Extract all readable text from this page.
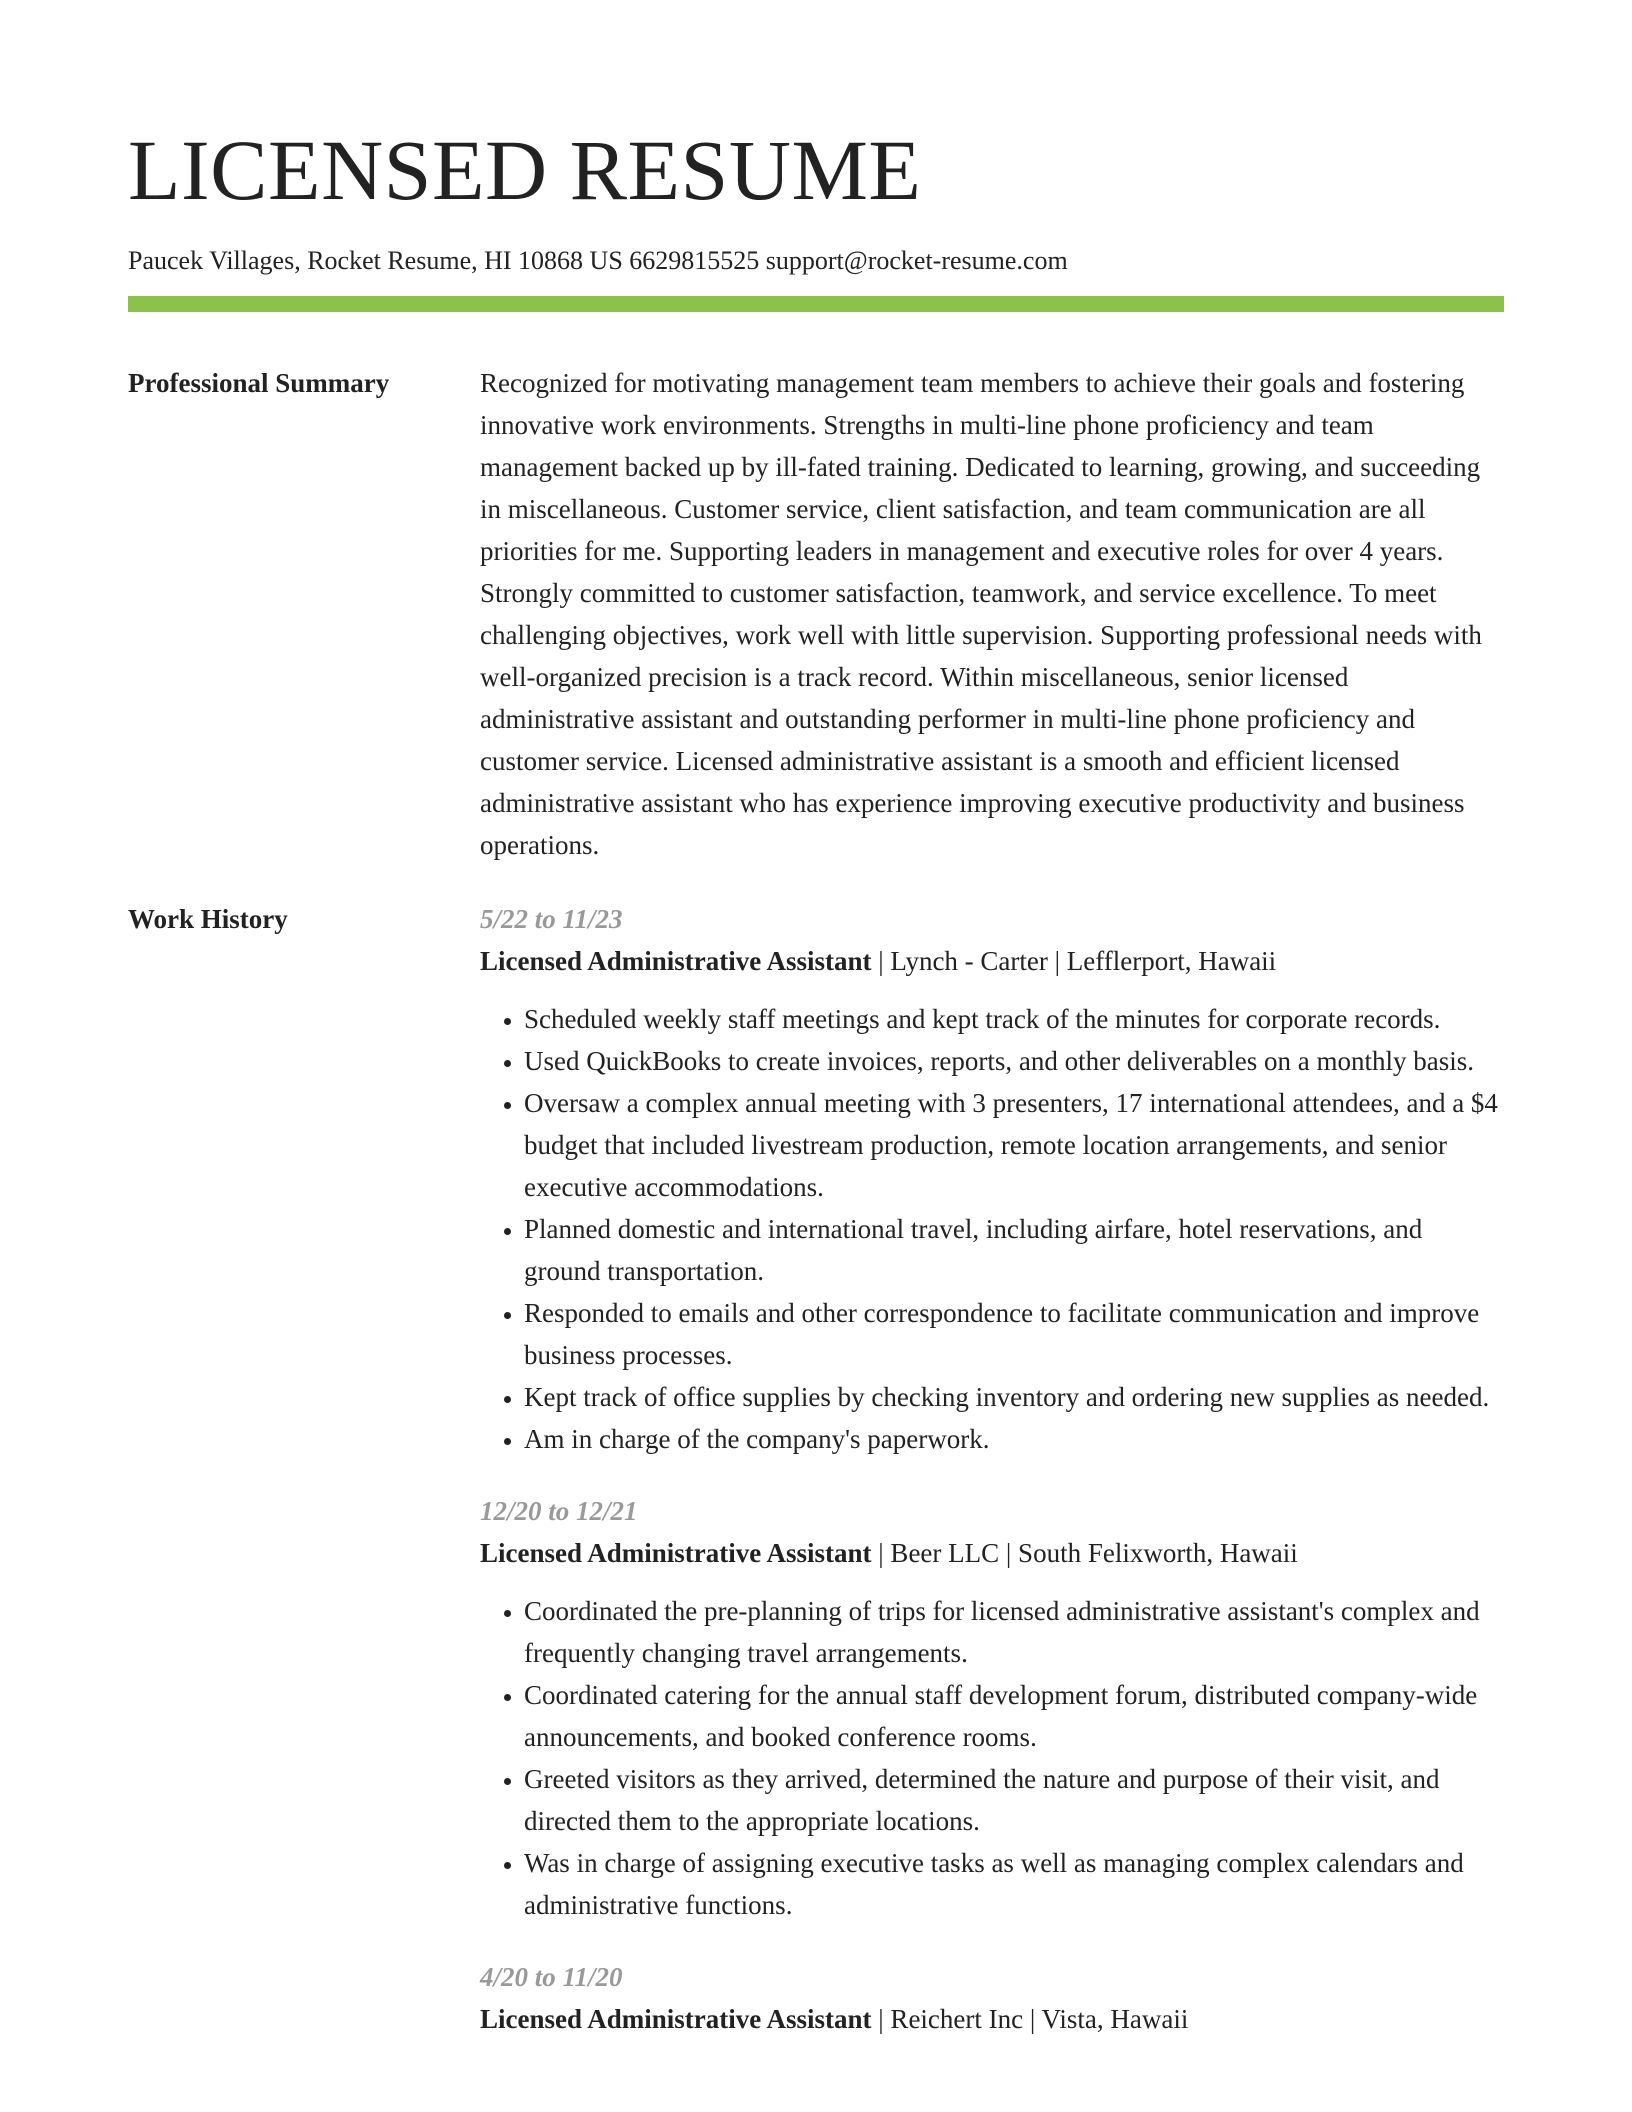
LICENSED RESUME
Paucek Villages, Rocket Resume, HI 10868 US 6629815525 support@rocket-resume.com
Professional Summary	Recognized for motivating management team members to achieve their goals and fostering innovative work environments. Strengths in multi-line phone proficiency and team management backed up by ill-fated training. Dedicated to learning, growing, and succeeding in miscellaneous. Customer service, client satisfaction, and team communication are all priorities for me. Supporting leaders in management and executive roles for over 4 years. Strongly committed to customer satisfaction, teamwork, and service excellence. To meet challenging objectives, work well with little supervision. Supporting professional needs with well-organized precision is a track record. Within miscellaneous, senior licensed administrative assistant and outstanding performer in multi-line phone proficiency and customer service. Licensed administrative assistant is a smooth and efficient licensed administrative assistant who has experience improving executive productivity and business operations.

Work History	5/22 to 11/23
Licensed Administrative Assistant | Lynch - Carter | Lefflerport, Hawaii
• Scheduled weekly staff meetings and kept track of the minutes for corporate records.
• Used QuickBooks to create invoices, reports, and other deliverables on a monthly basis.
• Oversaw a complex annual meeting with 3 presenters, 17 international attendees, and a $4 budget that included livestream production, remote location arrangements, and senior executive accommodations.
• Planned domestic and international travel, including airfare, hotel reservations, and ground transportation.
• Responded to emails and other correspondence to facilitate communication and improve business processes.
• Kept track of office supplies by checking inventory and ordering new supplies as needed.
• Am in charge of the company's paperwork.
12/20 to 12/21
Licensed Administrative Assistant | Beer LLC | South Felixworth, Hawaii
• Coordinated the pre-planning of trips for licensed administrative assistant's complex and frequently changing travel arrangements.
• Coordinated catering for the annual staff development forum, distributed company-wide announcements, and booked conference rooms.
• Greeted visitors as they arrived, determined the nature and purpose of their visit, and directed them to the appropriate locations.
• Was in charge of assigning executive tasks as well as managing complex calendars and administrative functions.
4/20 to 11/20
Licensed Administrative Assistant | Reichert Inc | Vista, Hawaii
